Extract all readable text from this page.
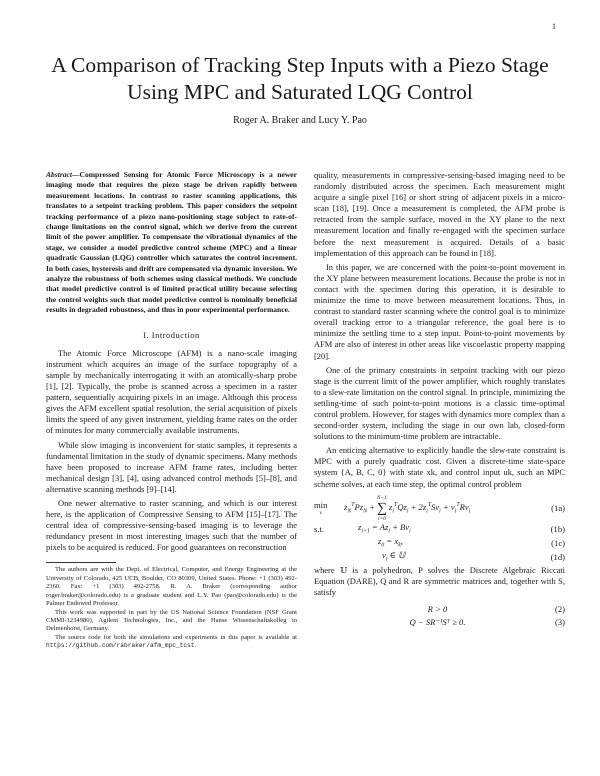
1
A Comparison of Tracking Step Inputs with a Piezo Stage Using MPC and Saturated LQG Control
Roger A. Braker and Lucy Y. Pao
Abstract—Compressed Sensing for Atomic Force Microscopy is a newer imaging mode that requires the piezo stage be driven rapidly between measurement locations. In contrast to raster scanning applications, this translates to a setpoint tracking problem. This paper considers the setpoint tracking performance of a piezo nano-positioning stage subject to rate-of-change limitations on the control signal, which we derive from the current limit of the power amplifier. To compensate the vibrational dynamics of the stage, we consider a model predictive control scheme (MPC) and a linear quadratic Gaussian (LQG) controller which saturates the control increment. In both cases, hysteresis and drift are compensated via dynamic inversion. We analyze the robustness of both schemes using classical methods. We conclude that model predictive control is of limited practical utility because selecting the control weights such that model predictive control is nominally beneficial results in degraded robustness, and thus in poor experimental performance.
I. Introduction

The Atomic Force Microscope (AFM) is a nano-scale imaging instrument which acquires an image of the surface topography of a sample by mechanically interrogating it with an atomically-sharp probe [1], [2]. Typically, the probe is scanned across a specimen in a raster pattern, sequentially acquiring pixels in an image. Although this process gives the AFM excellent spatial resolution, the serial acquisition of pixels limits the speed of any given instrument, yielding frame rates on the order of minutes for many commercially available instruments.

While slow imaging is inconvenient for static samples, it represents a fundamental limitation in the study of dynamic specimens. Many methods have been proposed to increase AFM frame rates, including better mechanical design [3], [4], using advanced control methods [5]–[8], and alternative scanning methods [9]–[14].

One newer alternative to raster scanning, and which is our interest here, is the application of Compressive Sensing to AFM [15]–[17]. The central idea of compressive-sensing-based imaging is to leverage the redundancy present in most interesting images such that the number of pixels to be acquired is reduced. For good guarantees on reconstruction

The authors are with the Dept. of Electrical, Computer, and Energy Engineering at the University of Colorado, 425 UCB, Boulder, CO 80309, United States. Phone: +1 (303) 492-2360. Fax: +1 (303) 492-2758. R. A. Braker (corresponding author roger.braker@colorado.edu) is a graduate student and L.Y. Pao (pao@colorado.edu) is the Palmer Endowed Professor.

This work was supported in part by the US National Science Foundation (NSF Grant CMMI-1234980), Agilent Technologies, Inc., and the Hanse Wissenschaftskolleg in Delmenhorst, Germany.

The source code for both the simulations and experiments in this paper is available at https://github.com/rabraker/afm_mpc_tcst.

quality, measurements in compressive-sensing-based imaging need to be randomly distributed across the specimen. Each measurement might acquire a single pixel [16] or short string of adjacent pixels in a micro-scan [18], [19]. Once a measurement is completed, the AFM probe is retracted from the sample surface, moved in the XY plane to the next measurement location and finally re-engaged with the specimen surface before the next measurement is acquired. Details of a basic implementation of this approach can be found in [18].

In this paper, we are concerned with the point-to-point movement in the XY plane between measurement locations. Because the probe is not in contact with the specimen during this operation, it is desirable to minimize the time to move between measurement locations. Thus, in contrast to standard raster scanning where the control goal is to minimize overall tracking error to a triangular reference, the goal here is to minimize the settling time to a step input. Point-to-point movements by AFM are also of interest in other areas like viscoelastic property mapping [20].

One of the primary constraints in setpoint tracking with our piezo stage is the current limit of the power amplifier, which roughly translates to a slew-rate limitation on the control signal. In principle, minimizing the settling-time of such point-to-point motions is a classic time-optimal control problem. However, for stages with dynamics more complex than a second-order system, including the stage in our own lab, closed-form solutions to the minimum-time problem are intractable.

An enticing alternative to explicitly handle the slew-rate constraint is MPC with a purely quadratic cost. Given a discrete-time state-space system {A, B, C, 0} with state xk, and control input uk, such an MPC scheme solves, at each time step, the optimal control problem

min
v
$z_N^TPz_N$ +
N−1
∑
i=0
$z_i^TQz_i + 2z_i^TSv_i + v_i^TRv_i$	(1a)
s.t.	$z_{i+1} = Az_i + Bv_i$	(1b)
$z_0 = x_k$,	(1c)
$v_i$ ∈ 𝕌	(1d)

where 𝕌 is a polyhedron, P solves the Discrete Algebraic Riccati Equation (DARE), Q and R are symmetric matrices and, together with S, satisfy

R > 0	(2)
Q − SR⁻¹Sᵀ ≥ 0.	(3)
